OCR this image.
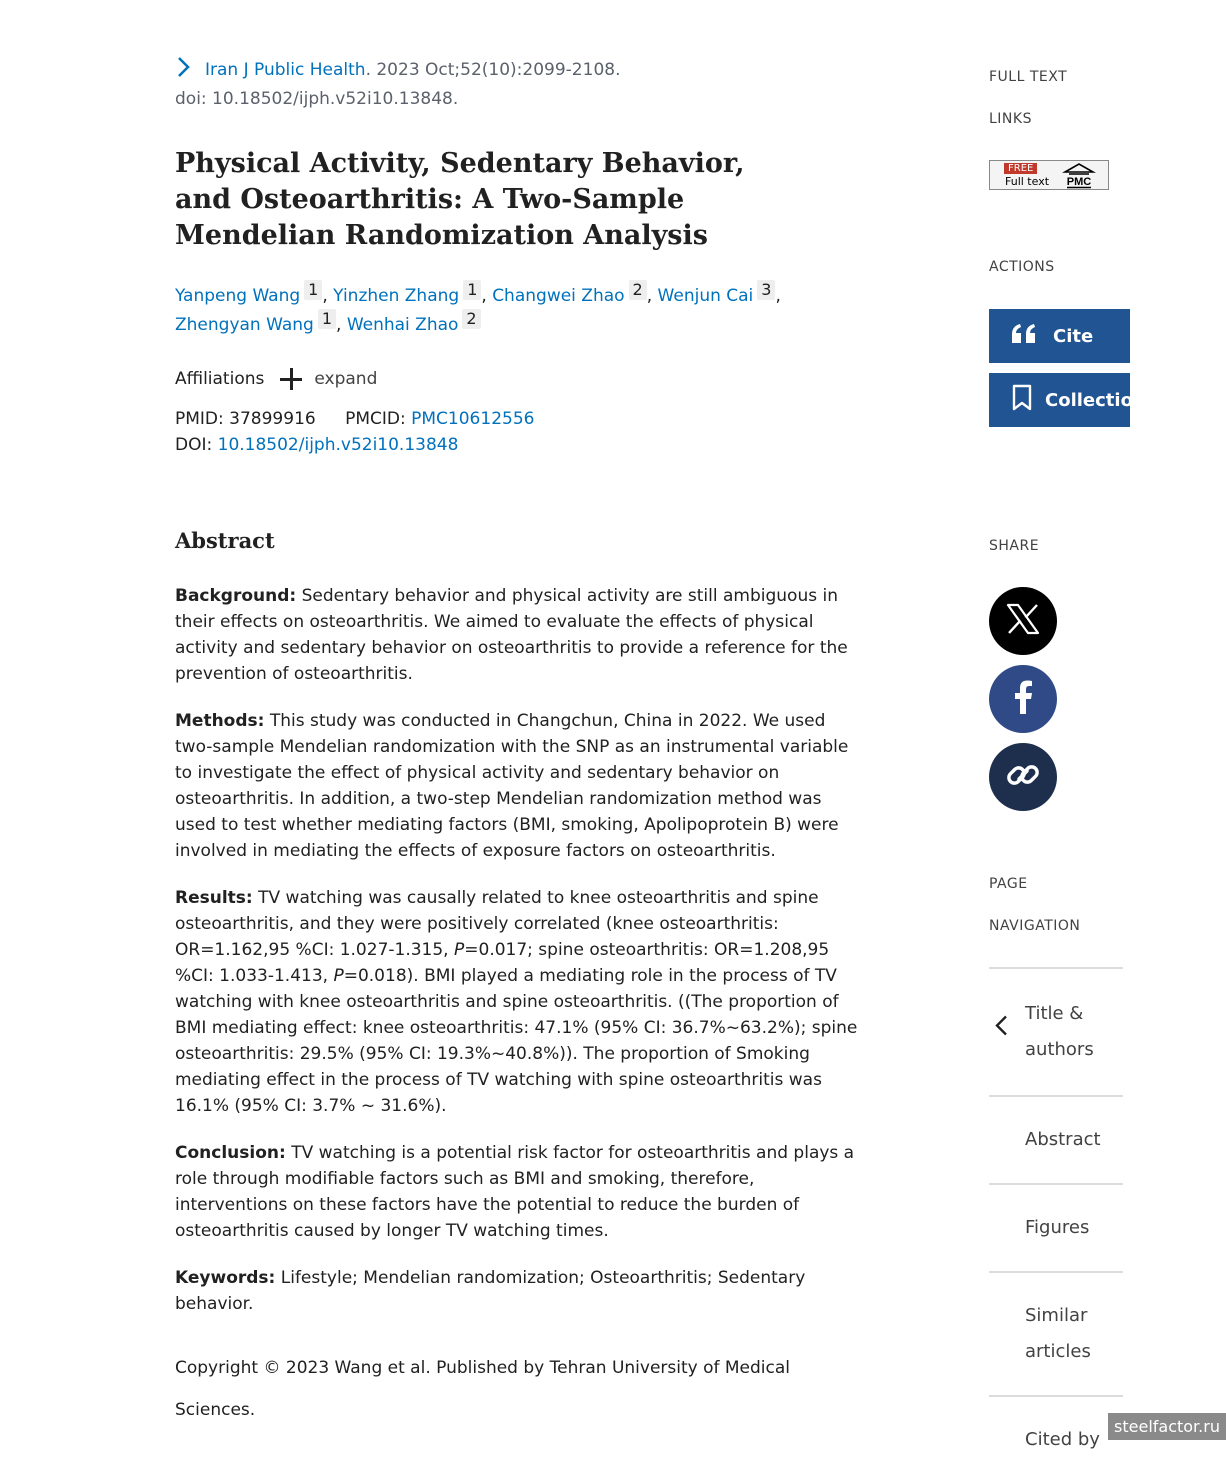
Iran J Public Health. 2023 Oct;52(10):2099-2108.
doi: 10.18502/ijph.v52i10.13848.
Physical Activity, Sedentary Behavior, and Osteoarthritis: A Two-Sample Mendelian Randomization Analysis
Yanpeng Wang $^1$ , Yinzhen Zhang $^1$ , Changwei Zhao $^2$ , Wenjun Cai $^3$ ,
Zhengyan Wang $^1$ , Wenhai Zhao $^2$
Affiliations	expand
PMID: 37899916 PMCID: PMC10612556
DOI: 10.18502/ijph.v52i10.13848
Abstract

Background: Sedentary behavior and physical activity are still ambiguous in their effects on osteoarthritis. We aimed to evaluate the effects of physical activity and sedentary behavior on osteoarthritis to provide a reference for the prevention of osteoarthritis.

Methods: This study was conducted in Changchun, China in 2022. We used two-sample Mendelian randomization with the SNP as an instrumental variable to investigate the effect of physical activity and sedentary behavior on osteoarthritis. In addition, a two-step Mendelian randomization method was used to test whether mediating factors (BMI, smoking, Apolipoprotein B) were involved in mediating the effects of exposure factors on osteoarthritis.

Results: TV watching was causally related to knee osteoarthritis and spine osteoarthritis, and they were positively correlated (knee osteoarthritis: OR=1.162,95 %CI: 1.027-1.315, P=0.017; spine osteoarthritis: OR=1.208,95 %CI: 1.033-1.413, P=0.018). BMI played a mediating role in the process of TV watching with knee osteoarthritis and spine osteoarthritis. ((The proportion of BMI mediating effect: knee osteoarthritis: 47.1% (95% CI: 36.7%~63.2%); spine osteoarthritis: 29.5% (95% CI: 19.3%~40.8%)). The proportion of Smoking mediating effect in the process of TV watching with spine osteoarthritis was 16.1% (95% CI: 3.7% ~ 31.6%).

Conclusion: TV watching is a potential risk factor for osteoarthritis and plays a role through modifiable factors such as BMI and smoking, therefore, interventions on these factors have the potential to reduce the burden of osteoarthritis caused by longer TV watching times.

Keywords: Lifestyle; Mendelian randomization; Osteoarthritis; Sedentary behavior.

Copyright © 2023 Wang et al. Published by Tehran University of Medical Sciences.

FULL TEXT LINKS
FREE
Full text PMC
ACTIONS
Cite
Collections
SHARE
PAGE NAVIGATION
Title & authors
Abstract
Figures
Similar articles
Cited by
steelfactor.ru
